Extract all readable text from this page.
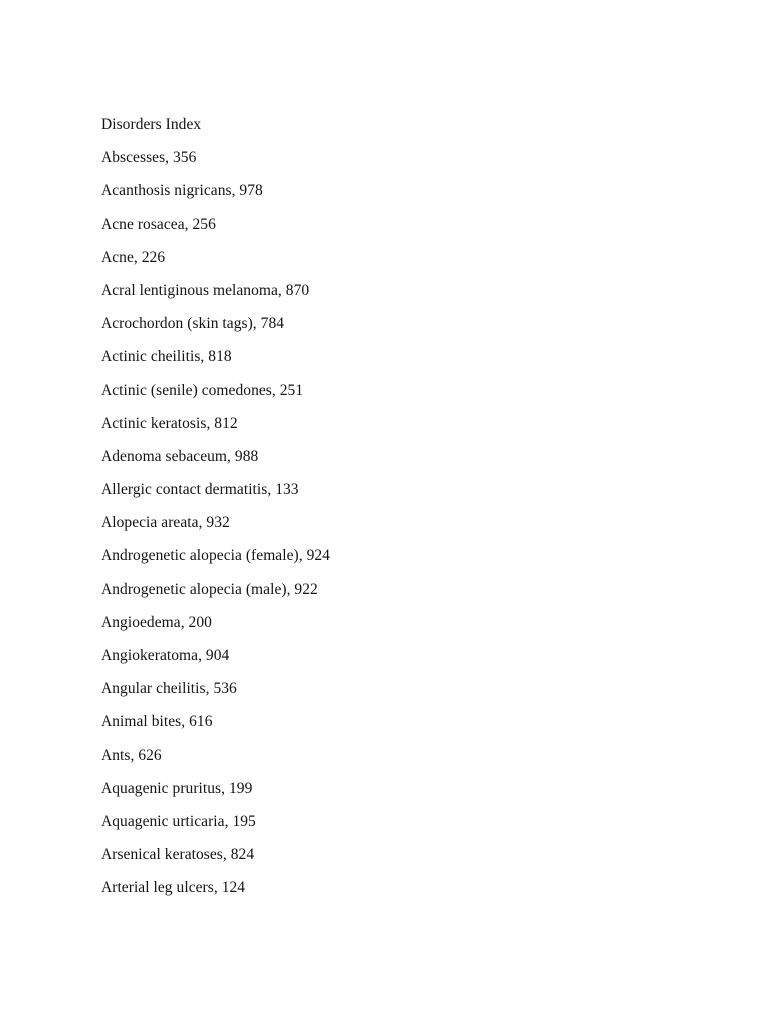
Disorders Index
Abscesses, 356
Acanthosis nigricans, 978
Acne rosacea, 256
Acne, 226
Acral lentiginous melanoma, 870
Acrochordon (skin tags), 784
Actinic cheilitis, 818
Actinic (senile) comedones, 251
Actinic keratosis, 812
Adenoma sebaceum, 988
Allergic contact dermatitis, 133
Alopecia areata, 932
Androgenetic alopecia (female), 924
Androgenetic alopecia (male), 922
Angioedema, 200
Angiokeratoma, 904
Angular cheilitis, 536
Animal bites, 616
Ants, 626
Aquagenic pruritus, 199
Aquagenic urticaria, 195
Arsenical keratoses, 824
Arterial leg ulcers, 124
